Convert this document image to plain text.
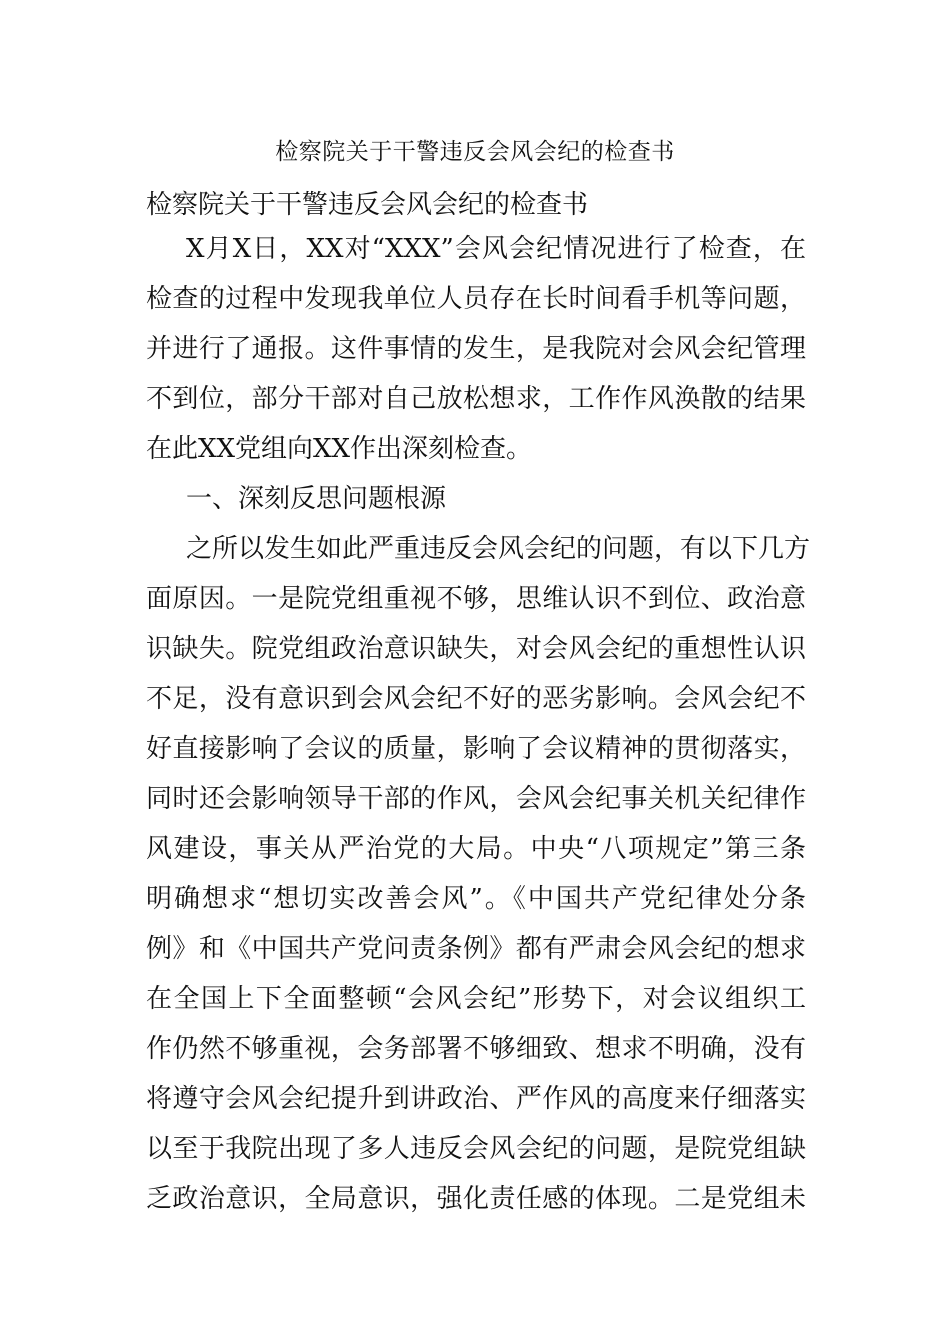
检察院关于干警违反会风会纪的检查书

检察院关于干警违反会风会纪的检查书

X月X日，XX对“XXX”会风会纪情况进行了检查，在

检查的过程中发现我单位人员存在长时间看手机等问题，

并进行了通报。这件事情的发生，是我院对会风会纪管理

不到位，部分干部对自己放松想求，工作作风涣散的结果

在此XX党组向XX作出深刻检查。

一、深刻反思问题根源

之所以发生如此严重违反会风会纪的问题，有以下几方

面原因。一是院党组重视不够，思维认识不到位、政治意

识缺失。院党组政治意识缺失，对会风会纪的重想性认识

不足，没有意识到会风会纪不好的恶劣影响。会风会纪不

好直接影响了会议的质量，影响了会议精神的贯彻落实，

同时还会影响领导干部的作风，会风会纪事关机关纪律作

风建设，事关从严治党的大局。中央“八项规定”第三条

明确想求“想切实改善会风”。《中国共产党纪律处分条

例》和《中国共产党问责条例》都有严肃会风会纪的想求

在全国上下全面整顿“会风会纪”形势下，对会议组织工

作仍然不够重视，会务部署不够细致、想求不明确，没有

将遵守会风会纪提升到讲政治、严作风的高度来仔细落实

以至于我院出现了多人违反会风会纪的问题，是院党组缺

乏政治意识，全局意识，强化责任感的体现。二是党组未
